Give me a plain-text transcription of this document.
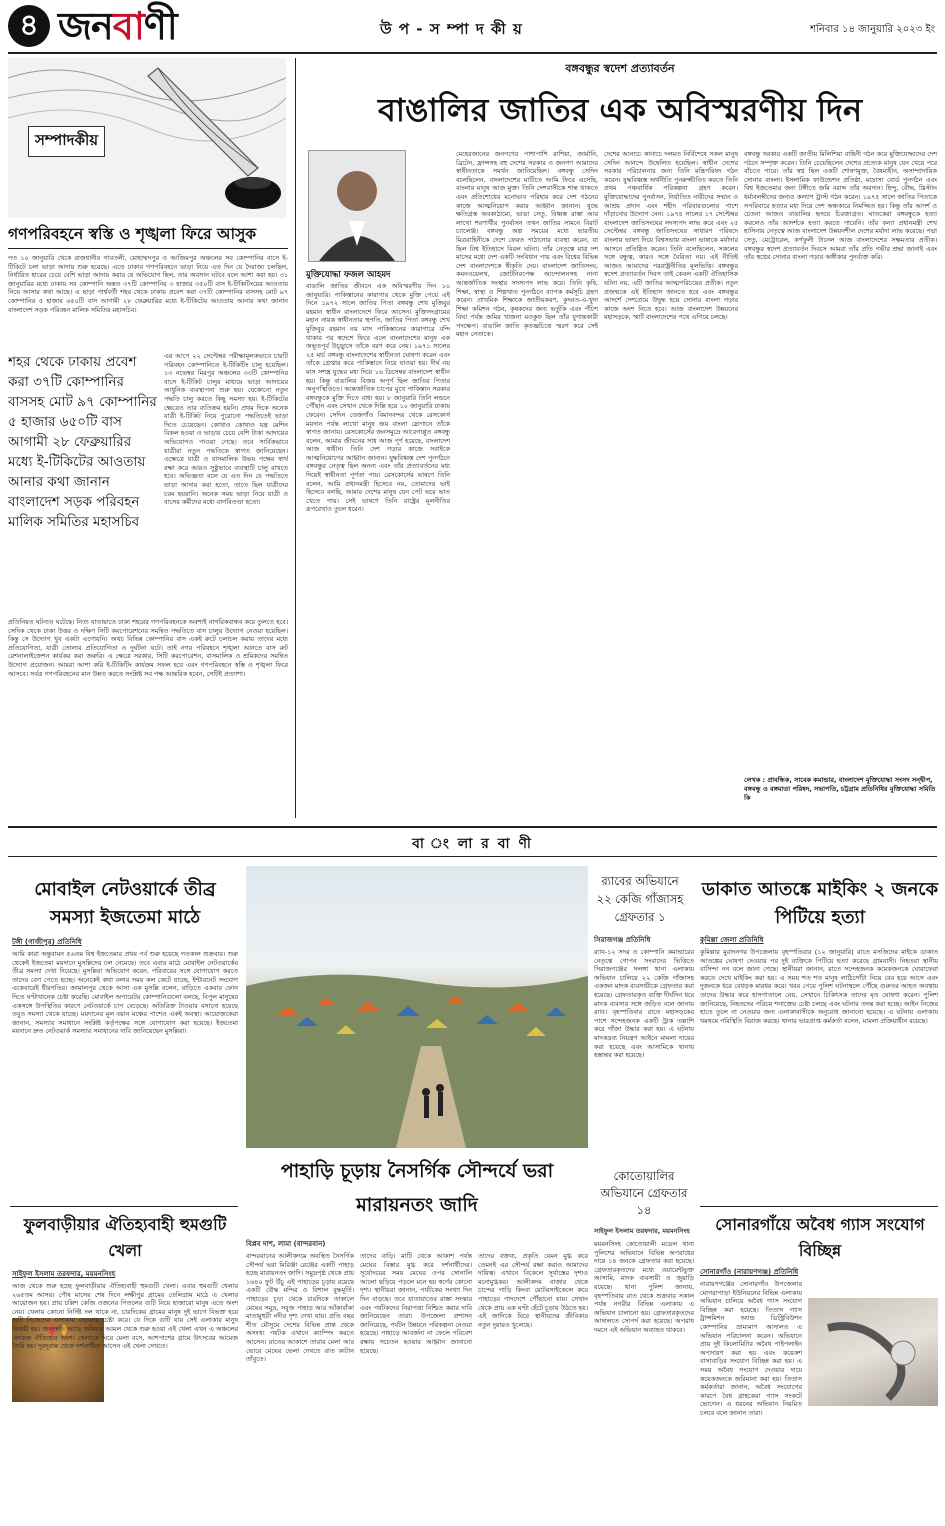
৪ জনবাণী	উ প - স ম্পা দ কী য়	শনিবার ১৪ জানুয়ারি ২০২৩ ইং
সম্পাদকীয়
গণপরিবহনে স্বস্তি ও শৃঙ্খলা ফিরে আসুক
গত ১০ জানুয়ারি থেকে রাজধানীর গাবতলী, মোহাম্মদপুর ও আজিমপুর অঞ্চলের সব কোম্পানির বাসে ই-টিকিটে চলা ভাড়া আদায় শুরু হয়েছে। এতে ঢাকার গণপরিবহনে ভাড়া নিয়ে এত দিন যে দৈরাজ্য চলছিল, নির্ধারিত হারের চেয়ে বেশি ভাড়া আদায় করার যে অভিযোগ ছিল, তার অবসান ঘটবে বলে আশা করা হয়। ৩১ জানুয়ারির মধ্যে ঢাকায় সব কোম্পানি অন্তত ৩৭টি কোম্পানির ৩ হাজার ৩৫০টি বাস ই-টিকিটিংয়ের আওতায় নিয়ে আসার কথা আছে। এ ছাড়া পার্শ্ববর্তী শহর থেকে ঢাকায় প্রবেশ করা ৩৭টি কোম্পানির বাসসহ মোট ৯৭ কোম্পানির ৫ হাজার ৬৫০টি বাস আগামী ২৮ ফেব্রুয়ারির মধ্যে ই-টিকিটের আওতায় আনার কথা জানান বাংলাদেশ সড়ক পরিবহন মালিক সমিতির মহাসচিব।
শহর থেকে ঢাকায় প্রবেশ করা ৩৭টি কোম্পানির বাসসহ মোট ৯৭ কোম্পানির ৫ হাজার ৬৫০টি বাস আগামী ২৮ ফেব্রুয়ারির মধ্যে ই-টিকিটের আওতায় আনার কথা জানান বাংলাদেশ সড়ক পরিবহন মালিক সমিতির মহাসচিব
এর আগে ২২ সেপ্টেম্বর পরীক্ষামূলকভাবে চারটি পরিবহন কোম্পানিতে ই-টিকিটিং চালু হয়েছিল। ১৩ নভেম্বর মিরপুর অঞ্চলের ৩৩টি কোম্পানির বাসে ই-টিকিট চালুর মাধ্যমে ভাড়া আদায়ের আধুনিক ব্যবস্থাপনা শুরু হয়। যেকোনো নতুন পদ্ধতি চালু করতে কিছু সমস্যা হয়। ই-টিকিটের ক্ষেত্রেও তার ব্যতিক্রম হয়নি। প্রথম দিকে অনেক যাত্রী ই-টিকিট নিয়ে পুরোনো পদ্ধতিতেই ভাড়া দিতে চেয়েছেন। কোথাও কোথাও যন্ত্র মেশিন বিকল হওয়া ও ভাড়ার চেয়ে বেশি টাকা আদায়ের অভিযোগও পাওয়া গেছে। তবে সার্বিকভাবে যাত্রীরা নতুন পদ্ধতিকে স্বাগত জানিয়েছেন। এক্ষেত্রে যাত্রী ও বাসমালিক উভয় পক্ষের স্বার্থ রক্ষা করে আরও সুষ্ঠুভাবে ব্যবস্থাটি চালু রাখতে হবে। অভিজ্ঞতা বলে যে এত দিন যে পদ্ধতিতে ভাড়া আদায় করা হতো, তাতে ছিল যাত্রীদের চরম হয়রানি। অনেক সময় ভাড়া নিয়ে যাত্রী ও বাসের কর্মীদের মধ্যে বাগবিতণ্ডা হতো।
প্রতিনিয়ত ঘটনাও ঘটেছে। নিত্য যাতায়াতে ঢাকা শহরের গণপরিবহনকে অবশ্যই নাগরিকবান্ধব করে তুলতে হবে। সেদিক থেকে ঢাকা উত্তর ও দক্ষিণ সিটি করপোরেশনের সমন্বিত পদ্ধতিতে বাস চালুর উদ্যোগ নেওয়া হয়েছিল। কিন্তু সে উদ্যোগ খুব একটা এগোয়নি। অথচ বিভিন্ন কোম্পানির বাস একই রুটে চলাচল করায় তাদের মধ্যে প্রতিযোগিতা, যাত্রী তোলার প্রতিযোগিতা ও দুর্ঘটনা ঘটে। তাই নগর পরিবহনে শৃঙ্খলা আনতে বাস রুট রেশনালাইজেশন কার্যকর করা জরুরি। এ ক্ষেত্রে সরকার, সিটি করপোরেশন, বাসমালিক ও শ্রমিকদের সমন্বিত উদ্যোগ প্রয়োজন। আমরা আশা করি ই-টিকিটিং কার্যক্রম সফল হবে এবং গণপরিবহনে স্বস্তি ও শৃঙ্খলা ফিরে আসবে। সর্বত্র গণপরিবহনের মান উন্নত করতে সংশ্লিষ্ট সব পক্ষ আন্তরিক হবেন, সেটিই প্রত্যাশা।
বঙ্গবন্ধুর স্বদেশ প্রত্যাবর্তন
বাঙালির জাতির এক অবিস্মরণীয় দিন
মুক্তিযোদ্ধা ফজল আহমদ
বাঙালি জাতির জীবনে এক অবিস্মরণীয় দিন ১০ জানুয়ারি। পাকিস্তানের কারাগার থেকে মুক্তি পেয়ে এই দিনে ১৯৭২ সালে জাতির পিতা বঙ্গবন্ধু শেখ মুজিবুর রহমান স্বাধীন বাংলাদেশে ফিরে আসেন। মুক্তিসংগ্রামের মহান নায়ক স্বাধীনতার স্থপতি, জাতির পিতা বঙ্গবন্ধু শেখ মুজিবুর রহমান নয় মাস পাকিস্তানের কারাগারে বন্দি থাকার পর স্বদেশে ফিরে এলে বাংলাদেশের মানুষ এক অভূতপূর্ব উচ্ছ্বাসে তাঁকে বরণ করে নেয়। ১৯৭১ সালের ২৫ মার্চ বঙ্গবন্ধু বাংলাদেশের স্বাধীনতা ঘোষণা করেন এবং তাঁকে গ্রেপ্তার করে পাকিস্তানে নিয়ে যাওয়া হয়। দীর্ঘ নয় মাস সশস্ত্র যুদ্ধের মধ্য দিয়ে ১৬ ডিসেম্বর বাংলাদেশ স্বাধীন হয়। কিন্তু বাঙালির বিজয় অপূর্ণ ছিল জাতির পিতার অনুপস্থিতিতে। আন্তর্জাতিক চাপের মুখে পাকিস্তান সরকার বঙ্গবন্ধুকে মুক্তি দিতে বাধ্য হয়। ৮ জানুয়ারি তিনি লন্ডনে পৌঁছান এবং সেখান থেকে দিল্লি হয়ে ১০ জানুয়ারি ঢাকায় ফেরেন। সেদিন তেজগাঁও বিমানবন্দর থেকে রেসকোর্স ময়দান পর্যন্ত লাখো মানুষ জয় বাংলা স্লোগানে তাঁকে স্বাগত জানায়। রেসকোর্সের জনসমুদ্রে আবেগাপ্লুত বঙ্গবন্ধু বলেন, আমার জীবনের সাধ আজ পূর্ণ হয়েছে, বাংলাদেশ আজ স্বাধীন। তিনি দেশ গড়ার কাজে সবাইকে আত্মনিয়োগের আহ্বান জানান। যুদ্ধবিধ্বস্ত দেশ পুনর্গঠনে বঙ্গবন্ধুর নেতৃত্ব ছিল অনন্য এবং তাঁর প্রত্যাবর্তনের মধ্য দিয়েই স্বাধীনতা পূর্ণতা পায়। রেসকোর্সের ভাষণে তিনি বলেন, আমি প্রধানমন্ত্রী হিসেবে নয়, তোমাদের ভাই হিসেবে বলছি, আমার দেশের মানুষ যেন পেট ভরে ভাত খেতে পায়। সেই ভাষণে তিনি রাষ্ট্রের মূলনীতির রূপরেখাও তুলে ধরেন।
মেহেরজানের জনগণের পাশাপাশি রাশিয়া, জার্মানি, ব্রিটেন, ফ্রান্সসহ বহু দেশের সরকার ও জনগণ আমাদের স্বাধীনতাকে সমর্থন জানিয়েছিল। বঙ্গবন্ধু সেদিন বলেছিলেন, বাংলাদেশের মাটিতে আমি ফিরে এসেছি, বাংলার মানুষ আজ মুক্ত। তিনি দেশবাসীকে শান্ত থাকতে এবং প্রতিশোধের মনোভাব পরিহার করে দেশ গঠনের কাজে আত্মনিয়োগ করার আহ্বান জানান। যুদ্ধে ক্ষতিগ্রস্ত অবকাঠামো, ভাঙা সেতু, বিধ্বস্ত রাস্তা আর লাখো শরণার্থীর পুনর্বাসন তখন জাতির সামনে বিরাট চ্যালেঞ্জ। বঙ্গবন্ধু অল্প সময়ের মধ্যে ভারতীয় মিত্রবাহিনীকে দেশে ফেরত পাঠানোর ব্যবস্থা করেন, যা ছিল বিশ্ব ইতিহাসে বিরল ঘটনা। তাঁর নেতৃত্বে মাত্র দশ মাসের মধ্যে দেশ একটি সংবিধান পায় এবং বিশ্বের বিভিন্ন দেশ বাংলাদেশকে স্বীকৃতি দেয়। বাংলাদেশ জাতিসংঘ, কমনওয়েলথ, জোটনিরপেক্ষ আন্দোলনসহ নানা আন্তর্জাতিক সংস্থার সদস্যপদ লাভ করে। তিনি কৃষি, শিক্ষা, স্বাস্থ্য ও শিল্পখাত পুনর্গঠনে ব্যাপক কর্মসূচি গ্রহণ করেন। প্রাথমিক শিক্ষাকে জাতীয়করণ, কুদরত-এ-খুদা শিক্ষা কমিশন গঠন, কৃষকদের জন্য ভর্তুকি এবং পঁচিশ বিঘা পর্যন্ত জমির খাজনা মওকুফ ছিল তাঁর যুগান্তকারী পদক্ষেপ। বাঙালি জাতি কৃতজ্ঞচিত্তে স্মরণ করে সেই মহান নেতাকে।
দেশের আনাচে কানাচে দলমত নির্বিশেষে সকল মানুষ সেদিন আনন্দে উদ্বেলিত হয়েছিল। স্বাধীন দেশের সরকার পরিচালনার জন্য তিনি মন্ত্রিপরিষদ গঠন করেন। যুদ্ধবিধ্বস্ত অর্থনীতি পুনরুজ্জীবিত করতে তিনি প্রথম পঞ্চবার্ষিক পরিকল্পনা গ্রহণ করেন। মুক্তিযোদ্ধাদের পুনর্বাসন, নির্যাতিত নারীদের সম্মান ও আশ্রয় প্রদান এবং শহীদ পরিবারগুলোর পাশে দাঁড়ানোর উদ্যোগ নেন। ১৯৭৪ সালের ১৭ সেপ্টেম্বর বাংলাদেশ জাতিসংঘের সদস্যপদ লাভ করে এবং ২৫ সেপ্টেম্বর বঙ্গবন্ধু জাতিসংঘের সাধারণ পরিষদে বাংলায় ভাষণ দিয়ে বিশ্বসভায় বাংলা ভাষাকে মর্যাদার আসনে প্রতিষ্ঠিত করেন। তিনি বলেছিলেন, সকলের সঙ্গে বন্ধুত্ব, কারও সঙ্গে বৈরিতা নয়। এই নীতিই আজও আমাদের পররাষ্ট্রনীতির মূলভিত্তি। বঙ্গবন্ধুর স্বদেশ প্রত্যাবর্তন দিবস তাই কেবল একটি ঐতিহাসিক ঘটনা নয়, এটি জাতির আত্মপরিচয়ের প্রতীক। নতুন প্রজন্মকে এই ইতিহাস জানতে হবে এবং বঙ্গবন্ধুর আদর্শে দেশপ্রেমে উদ্বুদ্ধ হয়ে সোনার বাংলা গড়ার কাজে অংশ নিতে হবে। আজ বাংলাদেশ উন্নয়নের মহাসড়কে, স্মার্ট বাংলাদেশের পথে এগিয়ে চলছে।
বঙ্গবন্ধু সরকার একটি জাতীয় মিলিশিয়া বাহিনী গঠন করে মুক্তিযোদ্ধাদের দেশ গঠনে সম্পৃক্ত করেন। তিনি চেয়েছিলেন দেশের প্রত্যেক মানুষ যেন খেয়ে পরে বাঁচতে পারে। তাঁর স্বপ্ন ছিল একটি শোষণমুক্ত, বৈষম্যহীন, অসাম্প্রদায়িক সোনার বাংলা। ইসলামিক ফাউন্ডেশন প্রতিষ্ঠা, মাদ্রাসা বোর্ড পুনর্গঠন এবং বিশ্ব ইজতেমার জন্য টঙ্গীতে জমি বরাদ্দ তাঁর অবদান। হিন্দু, বৌদ্ধ, খ্রিস্টান ধর্মাবলম্বীদের জন্যও কল্যাণ ট্রাস্ট গঠন করেন। ১৯৭৫ সালে জাতির পিতাকে সপরিবারে হত্যার মধ্য দিয়ে দেশ অন্ধকারে নিমজ্জিত হয়। কিন্তু তাঁর আদর্শ ও চেতনা আজও বাঙালির হৃদয়ে চিরজাগ্রত। ঘাতকেরা বঙ্গবন্ধুকে হত্যা করলেও তাঁর আদর্শকে হত্যা করতে পারেনি। তাঁর কন্যা প্রধানমন্ত্রী শেখ হাসিনার নেতৃত্বে আজ বাংলাদেশ উন্নয়নশীল দেশের মর্যাদা লাভ করেছে। পদ্মা সেতু, মেট্রোরেল, কর্ণফুলী টানেল আজ বাংলাদেশের সক্ষমতার প্রতীক। বঙ্গবন্ধুর স্বদেশ প্রত্যাবর্তন দিবসে আমরা তাঁর প্রতি গভীর শ্রদ্ধা জানাই এবং তাঁর স্বপ্নের সোনার বাংলা গড়ার অঙ্গীকার পুনর্ব্যক্ত করি।
লেখক : প্রাবন্ধিক, সাবেক কমান্ডার, বাংলাদেশ মুক্তিযোদ্ধা সংসদ সন্দ্বীপ, বঙ্গবন্ধু ও বঙ্গমাতা পরিষদ, সভাপতি, চট্টগ্রাম প্রতিনিধির মুক্তিযোদ্ধা সমিতি কি
বা ং লা র বা ণী
মোবাইল নেটওয়ার্কে তীব্র সমস্যা ইজতেমা মাঠে
টঙ্গী (গাজীপুর) প্রতিনিধি
আমি কারা অন্তুবামন ৫৬তম বিশ্ব ইজতেমার প্রথম পর্ব শুরু হয়েছে গতকাল শুক্রবার। শুরু থেকেই ইজতেমা ময়দানে মুসল্লিদের ঢল নেমেছে। তবে এবার মাঠে মোবাইল নেটওয়ার্কের তীব্র সমস্যা দেখা দিয়েছে। মুসল্লিরা অভিযোগ করেন, পরিবারের সঙ্গে যোগাযোগ করতে তাদের বেগ পেতে হচ্ছে। অনেকেই কথা বলার সময় কল কেটে যাচ্ছে, ইন্টারনেট সংযোগ একেবারেই ধীরগতির। জামালপুর থেকে আসা এক মুসল্লি বলেন, বাড়িতে একবার ফোন দিতে ঘণ্টাখানেক চেষ্টা করেছি। মোবাইল অপারেটর কোম্পানিগুলো বলছে, বিপুল মানুষের একসঙ্গে উপস্থিতির কারণে নেটওয়ার্কে চাপ বেড়েছে। অতিরিক্ত টাওয়ার বসানো হয়েছে তবুও সমস্যা থেকে যাচ্ছে। ময়দানের মূল বয়ান মঞ্চের পাশেও একই অবস্থা। আয়োজকেরা জানান, সমস্যার সমাধানে সংশ্লিষ্ট কর্তৃপক্ষের সঙ্গে যোগাযোগ করা হয়েছে। ইজতেমা ময়দানে দ্রুত নেটওয়ার্ক সমস্যার সমাধানের দাবি জানিয়েছেন মুসল্লিরা।
র‍্যাবের অভিযানে ২২ কেজি গাঁজাসহ গ্রেফতার ১
সিরাজগঞ্জ প্রতিনিধি
র‍্যাব-১২ সদর ও কোম্পানি কমান্ডারের নেতৃত্বে গোপন সংবাদের ভিত্তিতে সিরাজগঞ্জের সলঙ্গা থানা এলাকায় অভিযান চালিয়ে ২২ কেজি গাঁজাসহ একজন মাদক ব্যবসায়ীকে গ্রেফতার করা হয়েছে। গ্রেফতারকৃত ব্যক্তি দীর্ঘদিন ধরে মাদক ব্যবসার সঙ্গে জড়িত বলে জানায় র‍্যাব। বৃহস্পতিবার রাতে মহাসড়কের পাশে সন্দেহজনক একটি ট্রাক তল্লাশি করে গাঁজা উদ্ধার করা হয়। এ ঘটনায় মাদকদ্রব্য নিয়ন্ত্রণ আইনে মামলা দায়ের করা হয়েছে এবং আসামিকে থানায় হস্তান্তর করা হয়েছে।
ডাকাত আতঙ্কে মাইকিং ২ জনকে পিটিয়ে হত্যা
কুমিল্লা জেলা প্রতিনিধি
কুমিল্লার মুরাদনগর উপজেলায় বৃহস্পতিবার (১২ জানুয়ারি) রাতে মসজিদের মাইকে ডাকাত আতঙ্কের ঘোষণা দেওয়ার পর দুই ব্যক্তিকে পিটিয়ে হত্যা করেছে গ্রামবাসী। নিহতরা স্থানীয় বাসিন্দা নন বলে জানা গেছে। স্থানীয়রা জানান, রাতে সন্দেহজনক কয়েকজনকে ঘোরাফেরা করতে দেখে মাইকিং করা হয়। এ সময় শত শত মানুষ লাঠিসোঁটা নিয়ে বের হয়ে আসে এবং দুজনকে ধরে বেধড়ক মারধর করে। খবর পেয়ে পুলিশ ঘটনাস্থলে পৌঁছে গুরুতর আহত অবস্থায় তাদের উদ্ধার করে হাসপাতালে নেয়, সেখানে চিকিৎসক তাদের মৃত ঘোষণা করেন। পুলিশ জানিয়েছে, নিহতদের পরিচয় শনাক্তের চেষ্টা চলছে এবং ঘটনার তদন্ত করা হচ্ছে। আইন নিজের হাতে তুলে না নেওয়ার জন্য এলাকাবাসীকে অনুরোধ জানানো হয়েছে। এ ঘটনায় এলাকায় থমথমে পরিস্থিতি বিরাজ করছে। থানার ভারপ্রাপ্ত কর্মকর্তা বলেন, মামলা প্রক্রিয়াধীন রয়েছে।
ফুলবাড়ীয়ার ঐতিহ্যবাহী হুমগুটি খেলা
সাইফুল ইসলাম তরফদার, ময়মনসিংহ
আজ থেকে শুরু হচ্ছে ফুলবাড়ীয়ার ঐতিহ্যবাহী হুমগুটি খেলা। এবার হুমগুটি খেলার ২৬৫তম আসর। পৌষ মাসের শেষ দিনে লক্ষীপুর গ্রামের তেলিগ্রাম মাঠে এ খেলার আয়োজন হয়। প্রায় চল্লিশ কেজি ওজনের পিতলের গুটি নিয়ে হাজারো মানুষ এতে অংশ নেয়। খেলায় কোনো নির্দিষ্ট দল থাকে না, চারদিকের গ্রামের মানুষ দুই ভাগে বিভক্ত হয়ে গুটি নিজেদের এলাকায় নেওয়ার চেষ্টা করে। যে দিকে গুটি যায় সেই এলাকার মানুষ বিজয়ী হয়। জনশ্রুতি আছে জমিদার আমল থেকে শুরু হওয়া এই খেলা এখন এ অঞ্চলের লোকজ ঐতিহ্যের অংশ। খেলাকে ঘিরে মেলা বসে, আশপাশের গ্রামে উৎসবের আমেজ তৈরি হয়। দূরদূরান্ত থেকে দর্শনার্থীরা আসেন এই খেলা দেখতে।
পাহাড়ি চূড়ায় নৈসর্গিক সৌন্দর্যে ভরা মারায়নতং জাদি
বিপ্লব দাশ, লামা (বান্দরবান)
বান্দরবানের আলীকদমে অবস্থিত নৈসর্গিক সৌন্দর্য ভরা মিরিঞ্জা রেঞ্জের একটি পাহাড় হচ্ছে মারায়নতং জাদি। সমুদ্রপৃষ্ঠ থেকে প্রায় ১৬৪০ ফুট উঁচু এই পাহাড়ের চূড়ায় রয়েছে একটি বৌদ্ধ মন্দির ও বিশাল বুদ্ধমূর্তি। পাহাড়ের চূড়া থেকে চারদিকে তাকালে মেঘের সমুদ্র, সবুজ পাহাড় আর আঁকাবাঁকা মাতামুহুরী নদীর দৃশ্য দেখা যায়। প্রতি বছর শীত মৌসুমে দেশের বিভিন্ন প্রান্ত থেকে অসংখ্য পর্যটক এখানে ক্যাম্পিং করতে আসেন। রাতের আকাশে তারার মেলা আর ভোরে মেঘের ভেলা দেখতে রাত কাটান তাঁবুতে।
তাদের বাড়ি। মাটি থেকে আকাশ পর্যন্ত মেঘের বিস্তার মুগ্ধ করে দর্শনার্থীদের। সূর্যোদয়ের সময় মেঘের ওপর সোনালি আলো ছড়িয়ে পড়লে মনে হয় স্বর্গের কোনো দৃশ্য। স্থানীয়রা জানান, পর্যটকের সংখ্যা দিন দিন বাড়ছে। তবে যাতায়াতের রাস্তা সংস্কার এবং পর্যটকদের নিরাপত্তা নিশ্চিত করার দাবি জানিয়েছেন তারা। উপজেলা প্রশাসন জানিয়েছে, পর্যটন উন্নয়নে পরিকল্পনা নেওয়া হয়েছে। পাহাড়ে আবর্জনা না ফেলে পরিবেশ রক্ষায় সচেতন হওয়ার আহ্বান জানানো হয়েছে।
তাদের বক্তব্য, প্রকৃতি যেমন মুগ্ধ করে তেমনই এর সৌন্দর্য রক্ষা করাও আমাদের দায়িত্ব। এখানে বিকেলে সূর্যাস্তের দৃশ্যও মনোমুগ্ধকর। আলীকদম বাজার থেকে চান্দের গাড়ি কিংবা মোটরসাইকেলে করে পাহাড়ের পাদদেশে পৌঁছানো যায়। সেখান থেকে প্রায় এক ঘণ্টা হেঁটে চূড়ায় উঠতে হয়। এই জাদিকে ঘিরে স্থানীয়দের জীবিকার নতুন দুয়ারও খুলেছে।
কোতোয়ালির অভিযানে গ্রেফতার ১৪
সাইফুল ইসলাম তরফদার, ময়মনসিংহ
ময়মনসিংহ কোতোয়ালী মডেল থানা পুলিশের অভিযানে বিভিন্ন অপরাধের দায়ে ১৪ জনকে গ্রেফতার করা হয়েছে। গ্রেফতারকৃতদের মধ্যে ওয়ারেন্টভুক্ত আসামি, মাদক ব্যবসায়ী ও জুয়াড়ি রয়েছে। থানা পুলিশ জানায়, বৃহস্পতিবার রাত থেকে শুক্রবার সকাল পর্যন্ত নগরীর বিভিন্ন এলাকায় এ অভিযান চালানো হয়। গ্রেফতারকৃতদের আদালতে সোপর্দ করা হয়েছে। অপরাধ দমনে এই অভিযান অব্যাহত থাকবে।
সোনারগাঁয়ে অবৈধ গ্যাস সংযোগ বিচ্ছিন্ন
সোনারগাঁও (নারায়ণগঞ্জ) প্রতিনিধি
নারায়ণগঞ্জের সোনারগাঁও উপজেলার মোগরাপাড়া ইউনিয়নের বিভিন্ন এলাকায় অভিযান চালিয়ে অবৈধ গ্যাস সংযোগ বিচ্ছিন্ন করা হয়েছে। তিতাস গ্যাস ট্রান্সমিশন অ্যান্ড ডিস্ট্রিবিউশন কোম্পানির ভ্রাম্যমাণ আদালত এ অভিযান পরিচালনা করেন। অভিযানে প্রায় দুই কিলোমিটার অবৈধ পাইপলাইন অপসারণ করা হয় এবং কয়েকশ বাসাবাড়ির সংযোগ বিচ্ছিন্ন করা হয়। এ সময় অবৈধ সংযোগ দেওয়ার দায়ে কয়েকজনকে জরিমানা করা হয়। তিতাস কর্মকর্তারা জানান, অবৈধ সংযোগের কারণে বৈধ গ্রাহকেরা গ্যাস সংকটে ভোগেন। এ ধরনের অভিযান নিয়মিত চলবে বলে জানান তারা।
